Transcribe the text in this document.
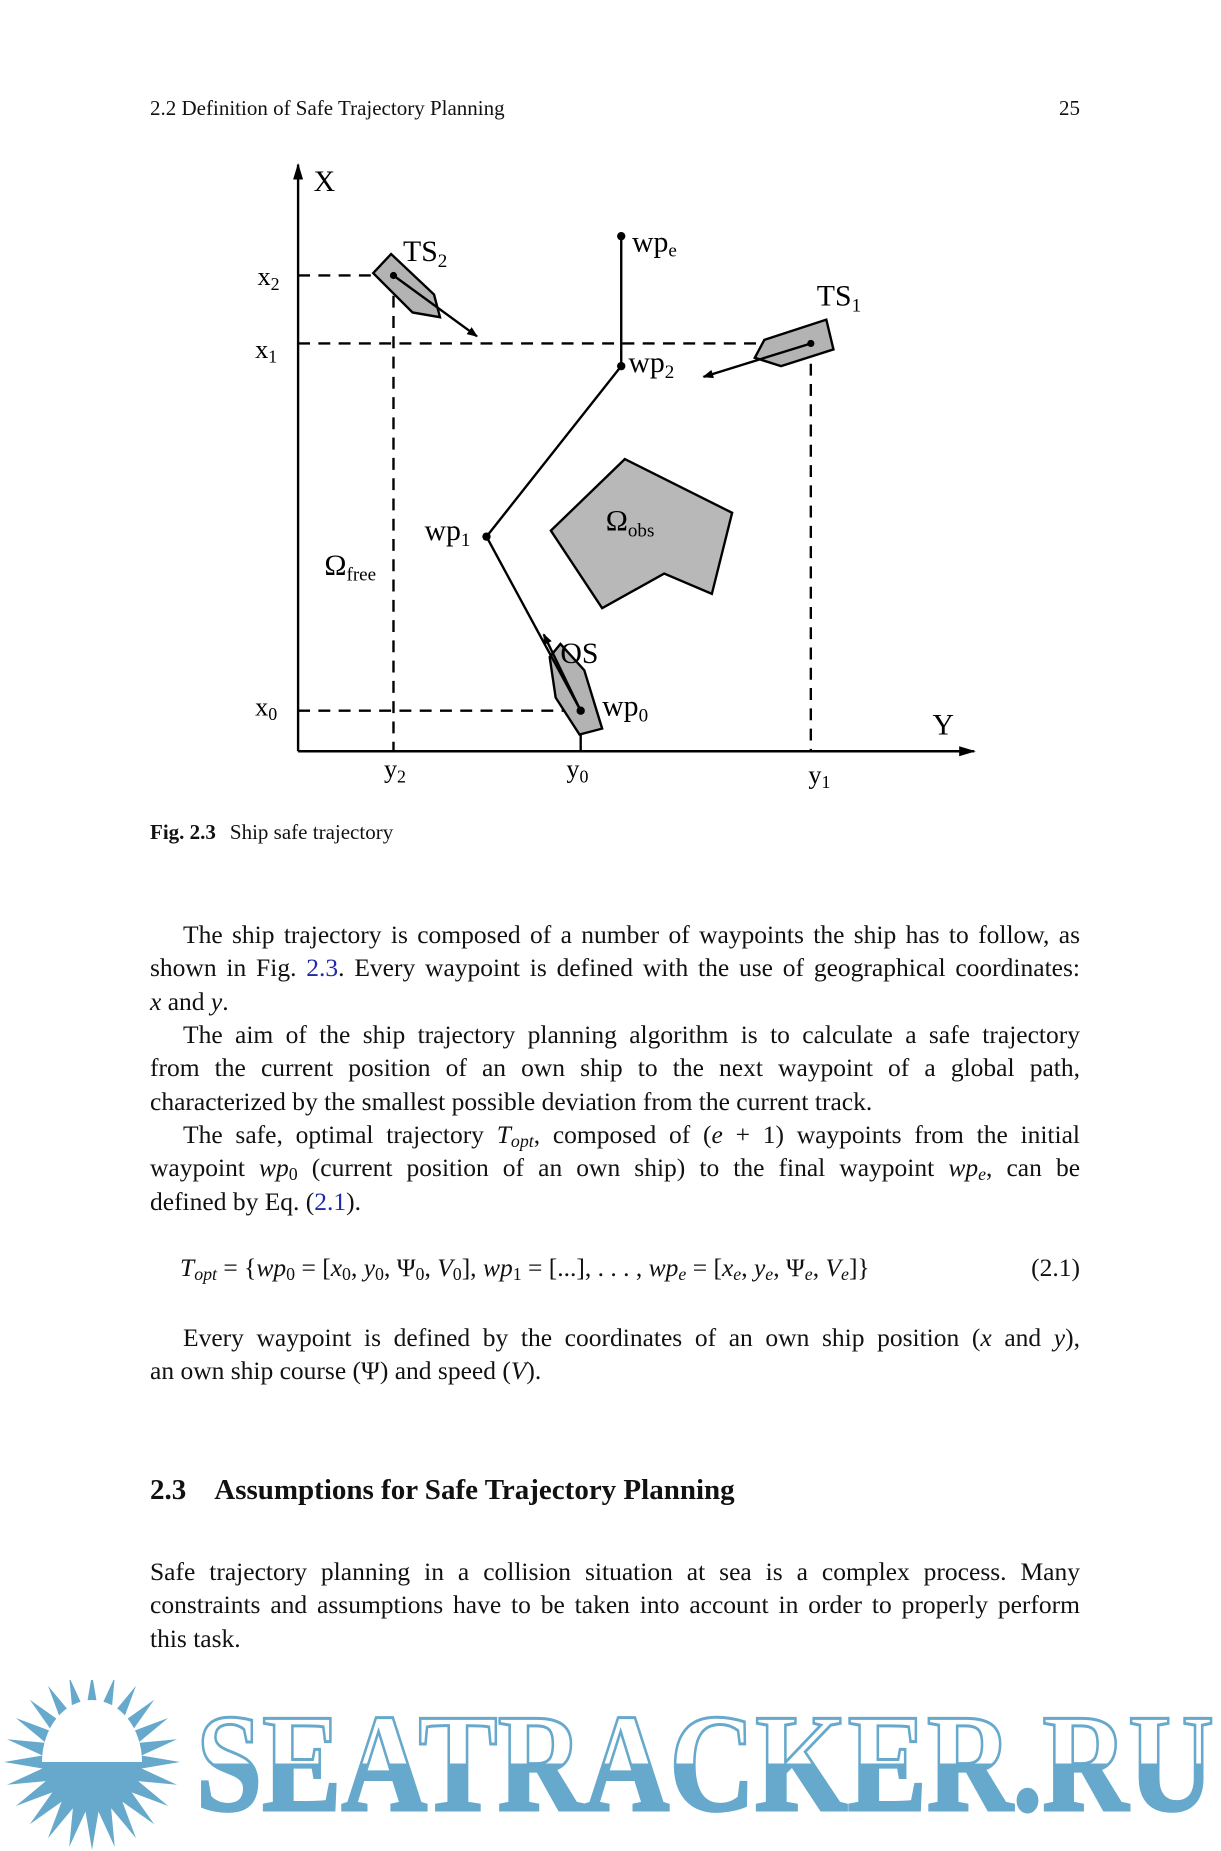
2.2 Definition of Safe Trajectory Planning	25
X
Y
x2
x1
x0
y2	y0	y1
$TS_2$
$TS_1$
wpe
$wp_2$
$wp_1$
$wp_0$
OS
$\Omega_{obs}$
$\Omega_{free}$
Fig. 2.3 Ship safe trajectory
The ship trajectory is composed of a number of waypoints the ship has to follow, as
shown in Fig. 2.3. Every waypoint is defined with the use of geographical coordinates:
x and y.
The aim of the ship trajectory planning algorithm is to calculate a safe trajectory
from the current position of an own ship to the next waypoint of a global path,
characterized by the smallest possible deviation from the current track.
The safe, optimal trajectory $T_{opt}$, composed of (e + 1) waypoints from the initial
waypoint $wp_0$ (current position of an own ship) to the final waypoint $wp_e$, can be
defined by Eq. (2.1).
$T_{opt} = \{wp_0 = [x_0$, $y_0$, $\Psi_0$, $V_0$], $wp_1$ = [...], . . . , $wp_e = [x_e$, $y_e$, $\Psi_e$, $V_e$]}	(2.1)
Every waypoint is defined by the coordinates of an own ship position (x and y),
an own ship course (Ψ) and speed (V).
2.3 Assumptions for Safe Trajectory Planning
Safe trajectory planning in a collision situation at sea is a complex process. Many
constraints and assumptions have to be taken into account in order to properly perform
this task.
SEATRACKER.RU
